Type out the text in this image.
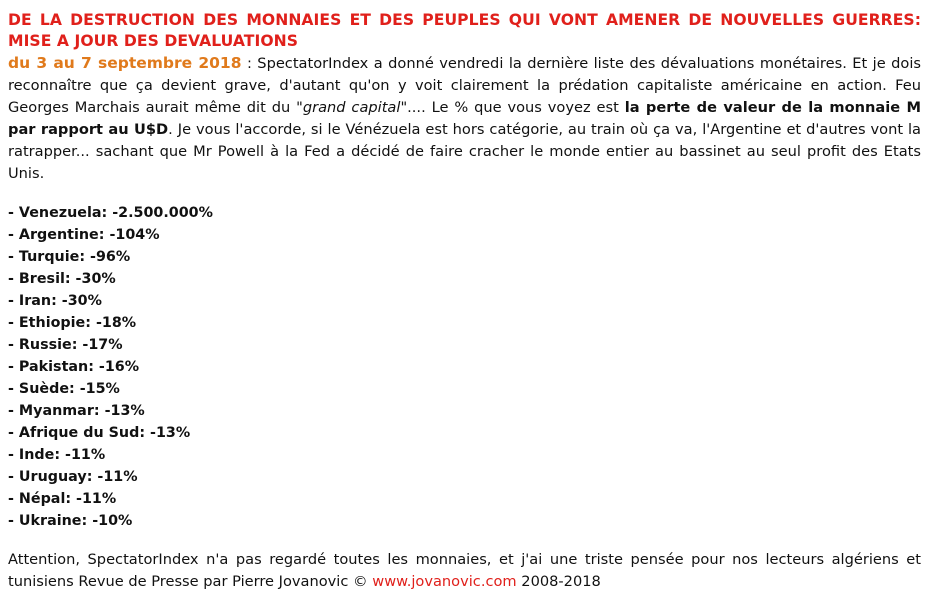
DE LA DESTRUCTION DES MONNAIES ET DES PEUPLES QUI VONT AMENER DE NOUVELLES GUERRES: MISE A JOUR DES DEVALUATIONS

du 3 au 7 septembre 2018 : SpectatorIndex a donné vendredi la dernière liste des dévaluations monétaires. Et je dois reconnaître que ça devient grave, d'autant qu'on y voit clairement la prédation capitaliste américaine en action. Feu Georges Marchais aurait même dit du "grand capital".... Le % que vous voyez est la perte de valeur de la monnaie M par rapport au U$D. Je vous l'accorde, si le Vénézuela est hors catégorie, au train où ça va, l'Argentine et d'autres vont la ratrapper... sachant que Mr Powell à la Fed a décidé de faire cracher le monde entier au bassinet au seul profit des Etats Unis.

- Venezuela: -2.500.000%
- Argentine: -104%
- Turquie: -96%
- Bresil: -30%
- Iran: -30%
- Ethiopie: -18%
- Russie: -17%
- Pakistan: -16%
- Suède: -15%
- Myanmar: -13%
- Afrique du Sud: -13%
- Inde: -11%
- Uruguay: -11%
- Népal: -11%
- Ukraine: -10%

Attention, SpectatorIndex n'a pas regardé toutes les monnaies, et j'ai une triste pensée pour nos lecteurs algériens et tunisiens Revue de Presse par Pierre Jovanovic © www.jovanovic.com 2008-2018
